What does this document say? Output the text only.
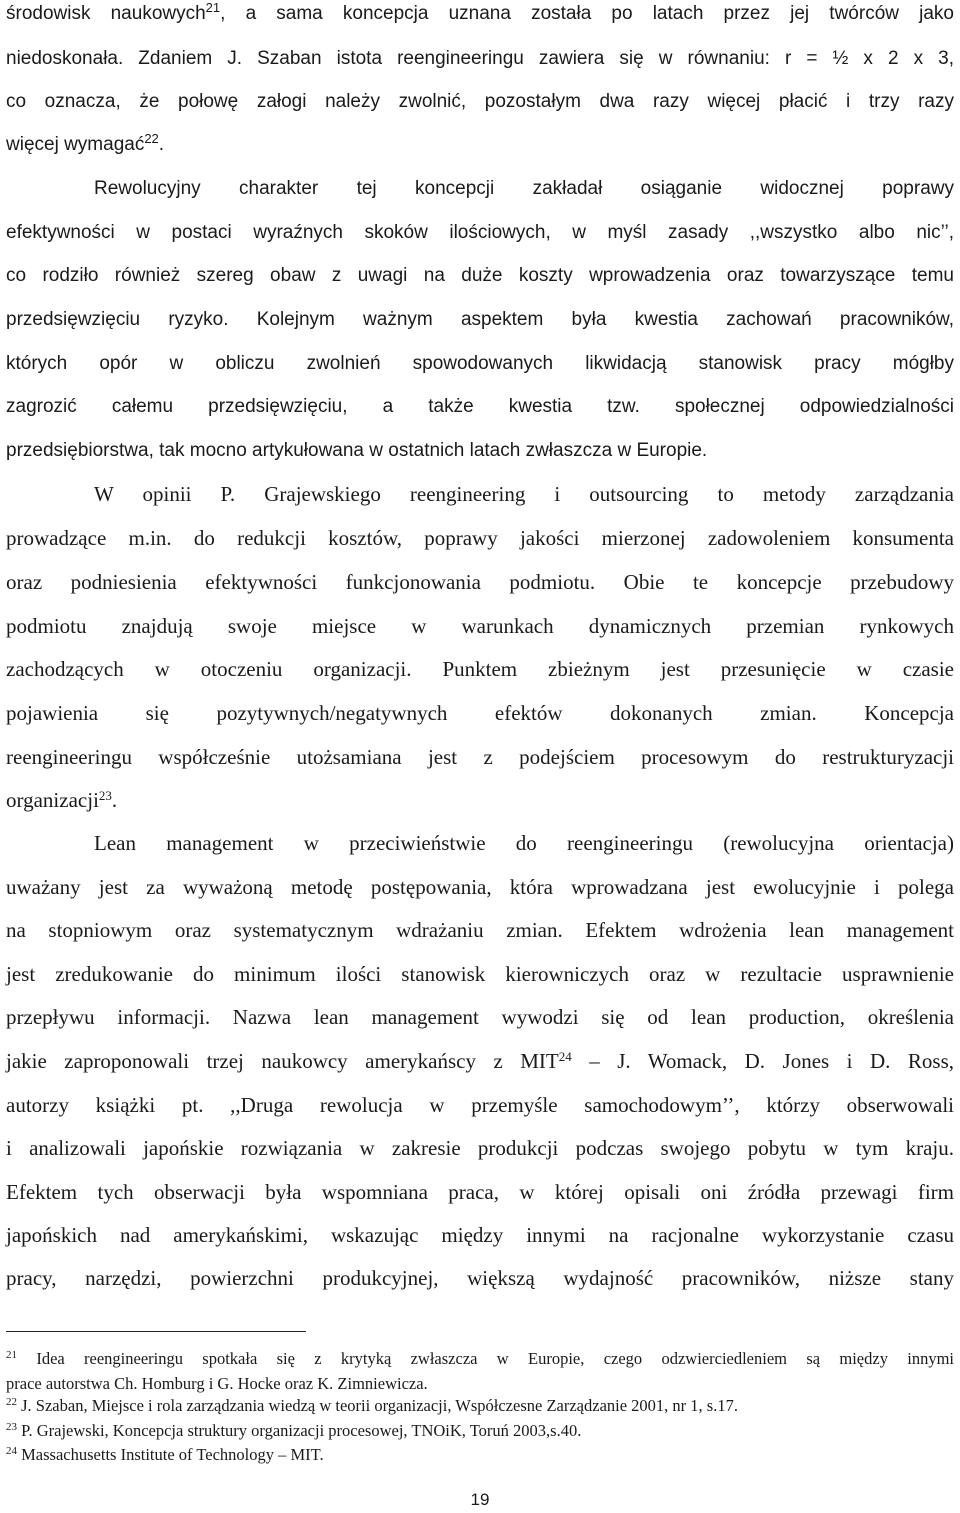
środowisk naukowych$^{21}$, a sama koncepcja uznana została po latach przez jej twórców jako
niedoskonała. Zdaniem J. Szaban istota reengineeringu zawiera się w równaniu: r = ½ x 2 x 3,
co oznacza, że połowę załogi należy zwolnić, pozostałym dwa razy więcej płacić i trzy razy
więcej wymagać$^{22}$.
Rewolucyjny charakter tej koncepcji zakładał osiąganie widocznej poprawy
efektywności w postaci wyraźnych skoków ilościowych, w myśl zasady ,,wszystko albo nic’’,
co rodziło również szereg obaw z uwagi na duże koszty wprowadzenia oraz towarzyszące temu
przedsięwzięciu ryzyko. Kolejnym ważnym aspektem była kwestia zachowań pracowników,
których opór w obliczu zwolnień spowodowanych likwidacją stanowisk pracy mógłby
zagrozić całemu przedsięwzięciu, a także kwestia tzw. społecznej odpowiedzialności
przedsiębiorstwa, tak mocno artykułowana w ostatnich latach zwłaszcza w Europie.
W opinii P. Grajewskiego reengineering i outsourcing to metody zarządzania
prowadzące m.in. do redukcji kosztów, poprawy jakości mierzonej zadowoleniem konsumenta
oraz podniesienia efektywności funkcjonowania podmiotu. Obie te koncepcje przebudowy
podmiotu znajdują swoje miejsce w warunkach dynamicznych przemian rynkowych
zachodzących w otoczeniu organizacji. Punktem zbieżnym jest przesunięcie w czasie
pojawienia się pozytywnych/negatywnych efektów dokonanych zmian. Koncepcja
reengineeringu współcześnie utożsamiana jest z podejściem procesowym do restrukturyzacji
organizacji$^{23}$.
Lean management w przeciwieństwie do reengineeringu (rewolucyjna orientacja)
uważany jest za wyważoną metodę postępowania, która wprowadzana jest ewolucyjnie i polega
na stopniowym oraz systematycznym wdrażaniu zmian. Efektem wdrożenia lean management
jest zredukowanie do minimum ilości stanowisk kierowniczych oraz w rezultacie usprawnienie
przepływu informacji. Nazwa lean management wywodzi się od lean production, określenia
jakie zaproponowali trzej naukowcy amerykańscy z MIT$^{24}$ – J. Womack, D. Jones i D. Ross,
autorzy książki pt. ,,Druga rewolucja w przemyśle samochodowym’’, którzy obserwowali
i analizowali japońskie rozwiązania w zakresie produkcji podczas swojego pobytu w tym kraju.
Efektem tych obserwacji była wspomniana praca, w której opisali oni źródła przewagi firm
japońskich nad amerykańskimi, wskazując między innymi na racjonalne wykorzystanie czasu
pracy, narzędzi, powierzchni produkcyjnej, większą wydajność pracowników, niższe stany
$^{21}$ Idea reengineeringu spotkała się z krytyką zwłaszcza w Europie, czego odzwierciedleniem są między innymi
prace autorstwa Ch. Homburg i G. Hocke oraz K. Zimniewicza.
$^{22}$ J. Szaban, Miejsce i rola zarządzania wiedzą w teorii organizacji, Współczesne Zarządzanie 2001, nr 1, s.17.
$^{23}$ P. Grajewski, Koncepcja struktury organizacji procesowej, TNOiK, Toruń 2003,s.40.
$^{24}$ Massachusetts Institute of Technology – MIT.
19
